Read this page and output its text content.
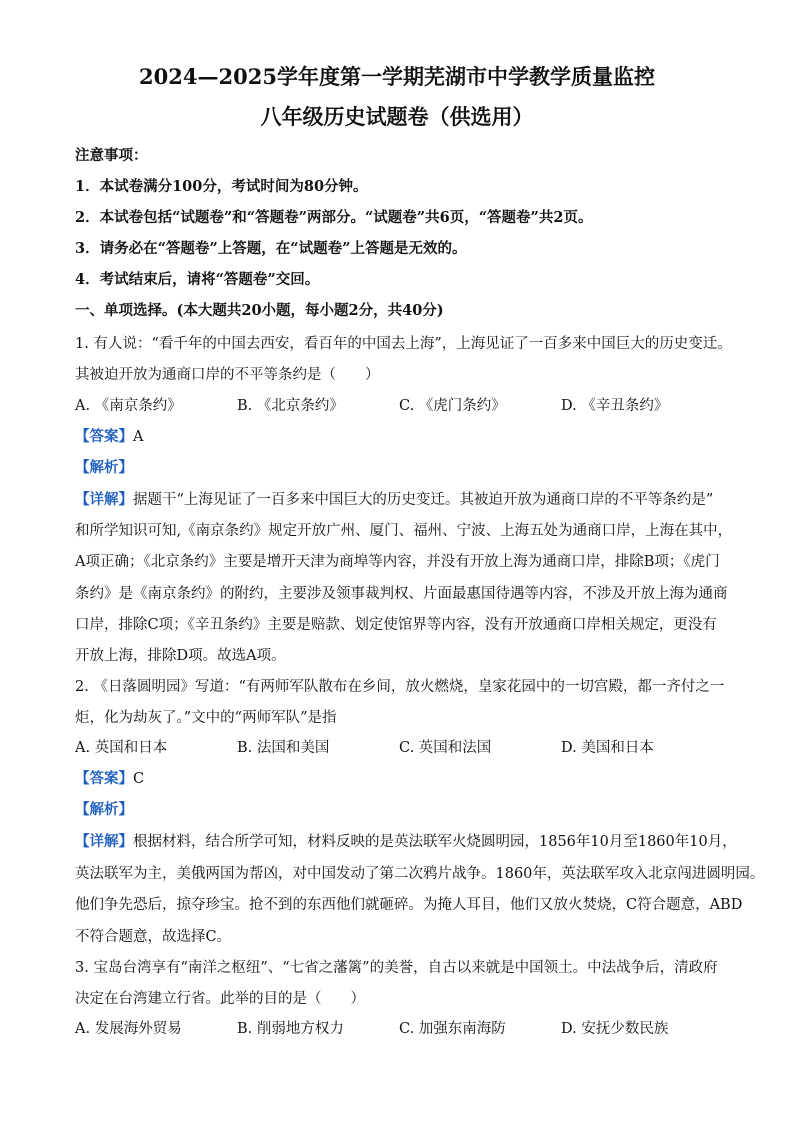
2024—2025学年度第一学期芜湖市中学教学质量监控
八年级历史试题卷（供选用）
注意事项：
1．本试卷满分100分，考试时间为80分钟。
2．本试卷包括“试题卷”和“答题卷”两部分。“试题卷”共6页，“答题卷”共2页。
3．请务必在“答题卷”上答题，在“试题卷”上答题是无效的。
4．考试结束后，请将“答题卷”交回。
一、单项选择。(本大题共20小题，每小题2分，共40分)
1. 有人说：“看千年的中国去西安，看百年的中国去上海”，上海见证了一百多来中国巨大的历史变迁。
其被迫开放为通商口岸的不平等条约是（　　）
A. 《南京条约》	B. 《北京条约》	C. 《虎门条约》	D. 《辛丑条约》
【答案】A
【解析】
【详解】据题干“上海见证了一百多来中国巨大的历史变迁。其被迫开放为通商口岸的不平等条约是”
和所学知识可知,《南京条约》规定开放广州、厦门、福州、宁波、上海五处为通商口岸，上海在其中，
A项正确；《北京条约》主要是增开天津为商埠等内容，并没有开放上海为通商口岸，排除B项；《虎门
条约》是《南京条约》的附约，主要涉及领事裁判权、片面最惠国待遇等内容，不涉及开放上海为通商
口岸，排除C项；《辛丑条约》主要是赔款、划定使馆界等内容，没有开放通商口岸相关规定，更没有
开放上海，排除D项。故选A项。
2. 《日落圆明园》写道：“有两师军队散布在乡间，放火燃烧，皇家花园中的一切宫殿，都一齐付之一
炬，化为劫灰了。”文中的“两师军队”是指
A. 英国和日本	B. 法国和美国	C. 英国和法国	D. 美国和日本
【答案】C
【解析】
【详解】根据材料，结合所学可知，材料反映的是英法联军火烧圆明园，1856年10月至1860年10月，
英法联军为主，美俄两国为帮凶，对中国发动了第二次鸦片战争。1860年，英法联军攻入北京闯进圆明园。
他们争先恐后，掠夺珍宝。抢不到的东西他们就砸碎。为掩人耳目，他们又放火焚烧，C符合题意，ABD
不符合题意，故选择C。
3. 宝岛台湾享有“南洋之枢纽”、“七省之藩篱”的美誉，自古以来就是中国领土。中法战争后，清政府
决定在台湾建立行省。此举的目的是（　　）
A. 发展海外贸易	B. 削弱地方权力	C. 加强东南海防	D. 安抚少数民族
